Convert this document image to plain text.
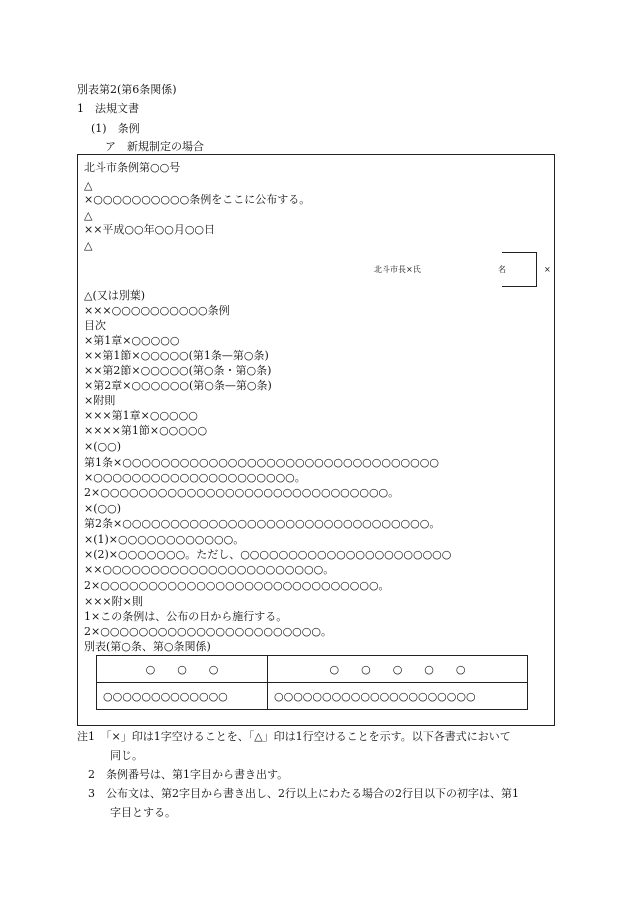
別表第2(第6条関係)
1　法規文書
(1)　条例
ア　新規制定の場合
北斗市条例第○○号
△
×○○○○○○○○○○条例をここに公布する。
△
××平成○○年○○月○○日
△
北斗市長×氏	名	×
△(又は別葉)
×××○○○○○○○○○○条例
目次
×第1章×○○○○○
××第1節×○○○○○(第1条—第○条)
××第2節×○○○○○(第○条・第○条)
×第2章×○○○○○○(第○条—第○条)
×附則
×××第1章×○○○○○
××××第1節×○○○○○
×(○○)
第1条×○○○○○○○○○○○○○○○○○○○○○○○○○○○○○○○○○
×○○○○○○○○○○○○○○○○○○○○○。
2×○○○○○○○○○○○○○○○○○○○○○○○○○○○○○○。
×(○○)
第2条×○○○○○○○○○○○○○○○○○○○○○○○○○○○○○○○○。
×(1)×○○○○○○○○○○○○。
×(2)×○○○○○○○。ただし、○○○○○○○○○○○○○○○○○○○○○○
××○○○○○○○○○○○○○○○○○○○○○○○。
2×○○○○○○○○○○○○○○○○○○○○○○○○○○○○○。
×××附×則
1×この条例は、公布の日から施行する。
2×○○○○○○○○○○○○○○○○○○○○○○○。
別表(第○条、第○条関係)
○　　○　　○	○　　○　　○　　○　　○
○○○○○○○○○○○○○	○○○○○○○○○○○○○○○○○○○○○
注1　「×」印は1字空けることを、「△」印は1行空けることを示す。以下各書式において
　　　同じ。
　2　条例番号は、第1字目から書き出す。
　3　公布文は、第2字目から書き出し、2行以上にわたる場合の2行目以下の初字は、第1
　　　字目とする。
